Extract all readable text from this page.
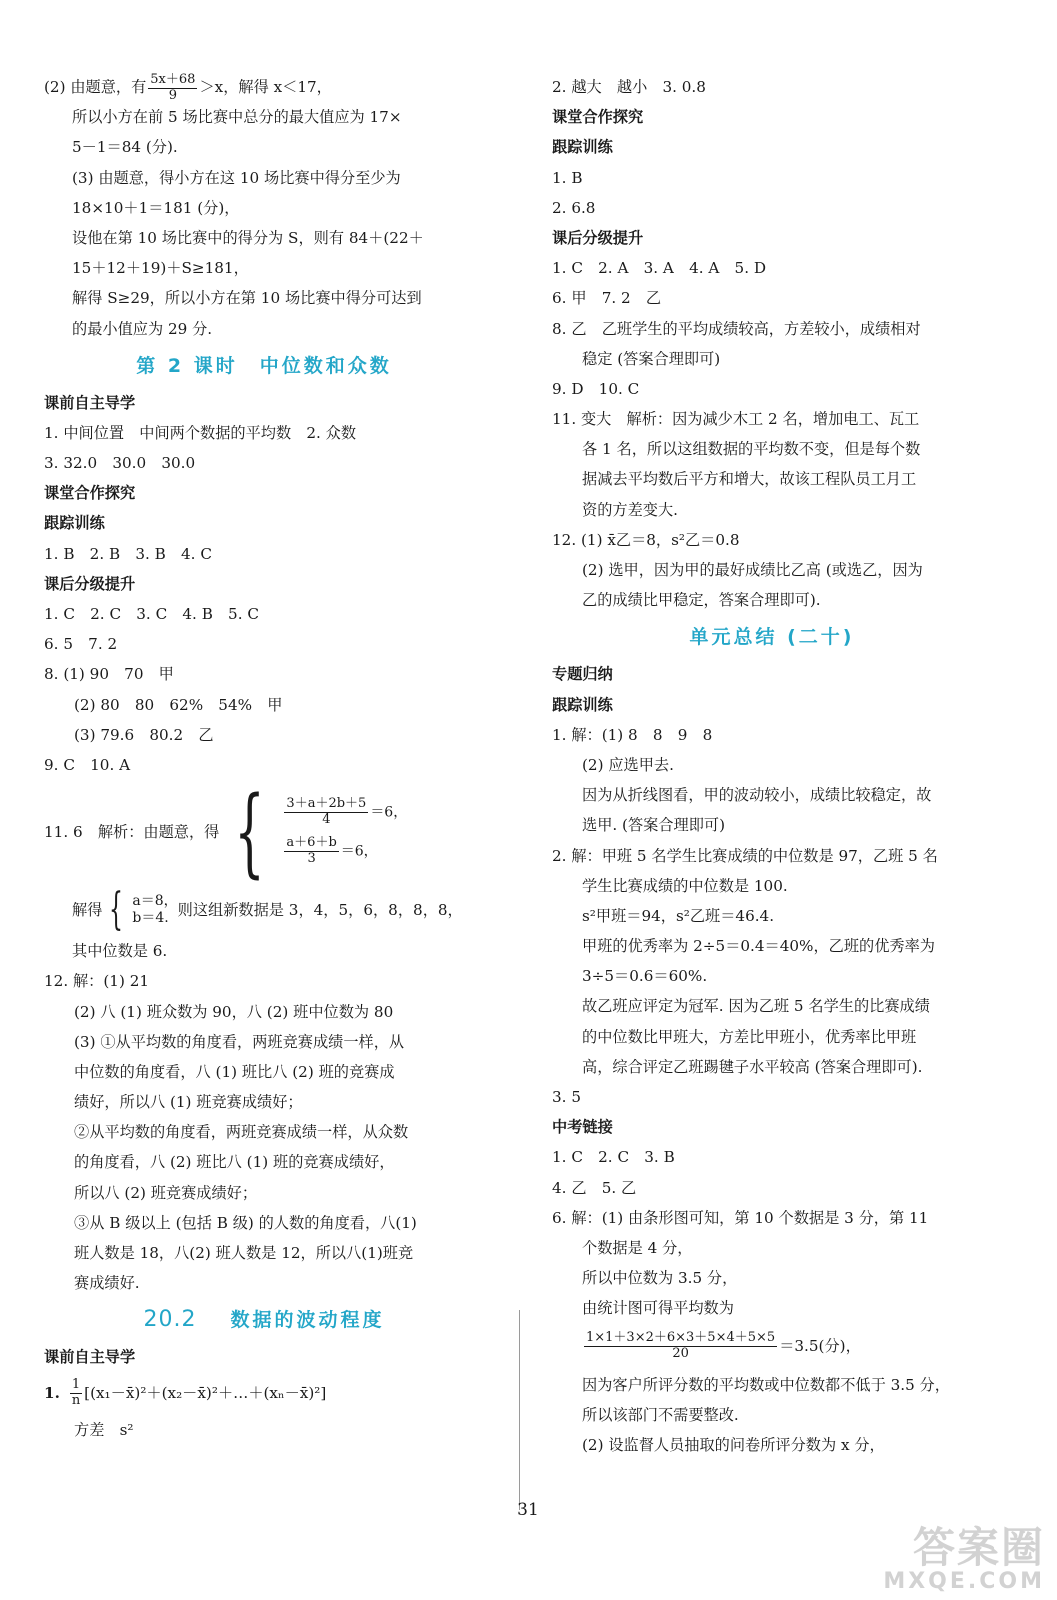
(2) 由题意，有 $\frac{5x+68}{9} >x$，解得 x＜17，
所以小方在前 5 场比赛中总分的最大值应为 17×
5－1＝84 (分).
(3) 由题意，得小方在这 10 场比赛中得分至少为
18×10＋1＝181 (分)，
设他在第 10 场比赛中的得分为 S，则有 84＋(22＋
15＋12＋19)＋S≥181，
解得 S≥29，所以小方在第 10 场比赛中得分可达到
的最小值应为 29 分.
第 2 课时　中位数和众数
课前自主导学
1. 中间位置　中间两个数据的平均数　2. 众数
3. 32.0　30.0　30.0
课堂合作探究
跟踪训练
1. B　2. B　3. B　4. C
课后分级提升
1. C　2. C　3. C　4. B　5. C
6. 5　7. 2
8. (1) 90　70　甲
(2) 80　80　62%　54%　甲
(3) 79.6　80.2　乙
9. C　10. A
11. 6　解析：由题意，得 { $\frac{3+a+2b+5}{4} =6$，
$\frac{a+6+b}{3} =6$，
解得 { a＝8，
b＝4. 则这组新数据是 3，4，5，6，8，8，8，
其中位数是 6.
12. 解：(1) 21
(2) 八 (1) 班众数为 90，八 (2) 班中位数为 80
(3) ①从平均数的角度看，两班竞赛成绩一样，从
中位数的角度看，八 (1) 班比八 (2) 班的竞赛成
绩好，所以八 (1) 班竞赛成绩好；
②从平均数的角度看，两班竞赛成绩一样，从众数
的角度看，八 (2) 班比八 (1) 班的竞赛成绩好，
所以八 (2) 班竞赛成绩好；
③从 B 级以上 (包括 B 级) 的人数的角度看，八(1)
班人数是 18，八(2) 班人数是 12，所以八(1)班竞
赛成绩好.
20.2 数据的波动程度
课前自主导学
1. $\frac{1}{n}$ [(x₁－x̄)²＋(x₂－x̄)²＋…＋(xₙ－x̄)²]
方差　s²
2. 越大　越小　3. 0.8
课堂合作探究
跟踪训练
1. B
2. 6.8
课后分级提升
1. C　2. A　3. A　4. A　5. D
6. 甲　7. 2　乙
8. 乙　乙班学生的平均成绩较高，方差较小，成绩相对
稳定 (答案合理即可)
9. D　10. C
11. 变大　解析：因为减少木工 2 名，增加电工、瓦工
各 1 名，所以这组数据的平均数不变，但是每个数
据减去平均数后平方和增大，故该工程队员工月工
资的方差变大.
12. (1) x̄乙＝8，s²乙＝0.8
(2) 选甲，因为甲的最好成绩比乙高 (或选乙，因为
乙的成绩比甲稳定，答案合理即可).
单元总结 (二十)
专题归纳
跟踪训练
1. 解：(1) 8　8　9　8
(2) 应选甲去.
因为从折线图看，甲的波动较小，成绩比较稳定，故
选甲. (答案合理即可)
2. 解：甲班 5 名学生比赛成绩的中位数是 97，乙班 5 名
学生比赛成绩的中位数是 100.
s²甲班＝94，s²乙班＝46.4.
甲班的优秀率为 2÷5＝0.4＝40%，乙班的优秀率为
3÷5＝0.6＝60%.
故乙班应评定为冠军. 因为乙班 5 名学生的比赛成绩
的中位数比甲班大，方差比甲班小，优秀率比甲班
高，综合评定乙班踢毽子水平较高 (答案合理即可).
3. 5
中考链接
1. C　2. C　3. B
4. 乙　5. 乙
6. 解：(1) 由条形图可知，第 10 个数据是 3 分，第 11
个数据是 4 分，
所以中位数为 3.5 分，
由统计图可得平均数为
$\frac{1\times 1+3\times 2+6\times 3+5\times 4+5\times 5}{20} =3.5$(分)，
因为客户所评分数的平均数或中位数都不低于 3.5 分，
所以该部门不需要整改.
(2) 设监督人员抽取的问卷所评分数为 x 分，
31
答案圈
MXQE.COM
